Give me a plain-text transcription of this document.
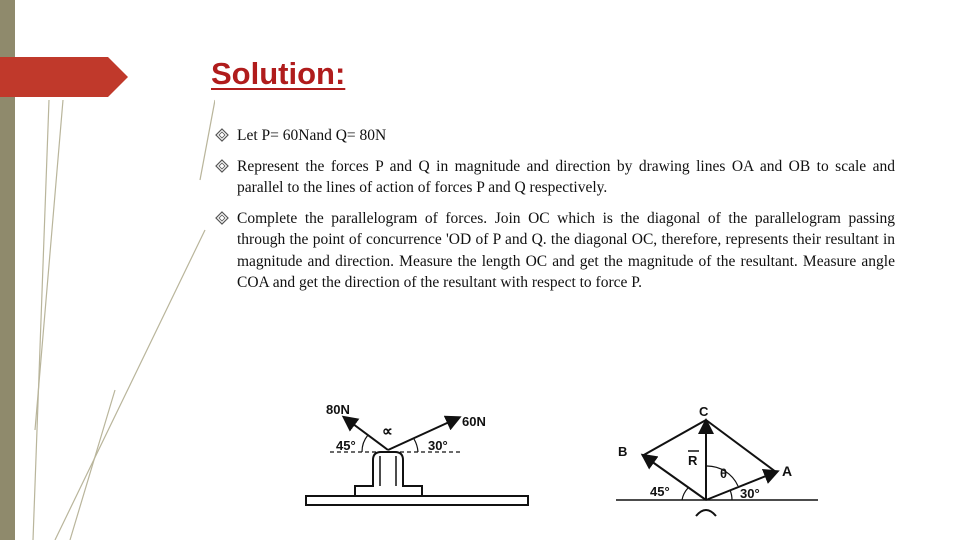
Solution:
Let P= 60Nand Q= 80N
Represent the forces P and Q in magnitude and direction by drawing lines OA and OB to scale and parallel to the lines of action of forces P and Q respectively.
Complete the parallelogram of forces. Join OC which is the diagonal of the parallelogram passing through the point of concurrence 'OD of P and Q. the diagonal OC, therefore, represents their resultant in magnitude and direction. Measure the length OC and get the magnitude of the resultant. Measure angle COA and get the direction of the resultant with respect to force P.
80N
60N
∝
45°	30°
C
B
A
R
θ
45°	30°
